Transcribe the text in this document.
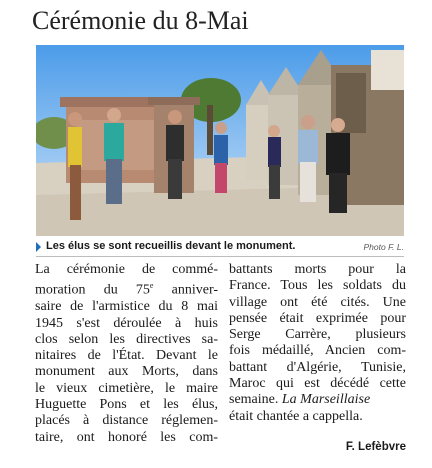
Cérémonie du 8-Mai
Les élus se sont recueillis devant le monument.	Photo F. L.
La cérémonie de commé-
moration du 75e anniver-
saire de l'armistice du 8 mai
1945 s'est déroulée à huis
clos selon les directives sa-
nitaires de l'État. Devant le
monument aux Morts, dans
le vieux cimetière, le maire
Huguette Pons et les élus,
placés à distance réglemen-
taire, ont honoré les com-
battants morts pour la
France. Tous les soldats du
village ont été cités. Une
pensée était exprimée pour
Serge Carrère, plusieurs
fois médaillé, Ancien com-
battant d'Algérie, Tunisie,
Maroc qui est décédé cette
semaine. La Marseillaise
était chantée a cappella.
F. Lefèbvre
